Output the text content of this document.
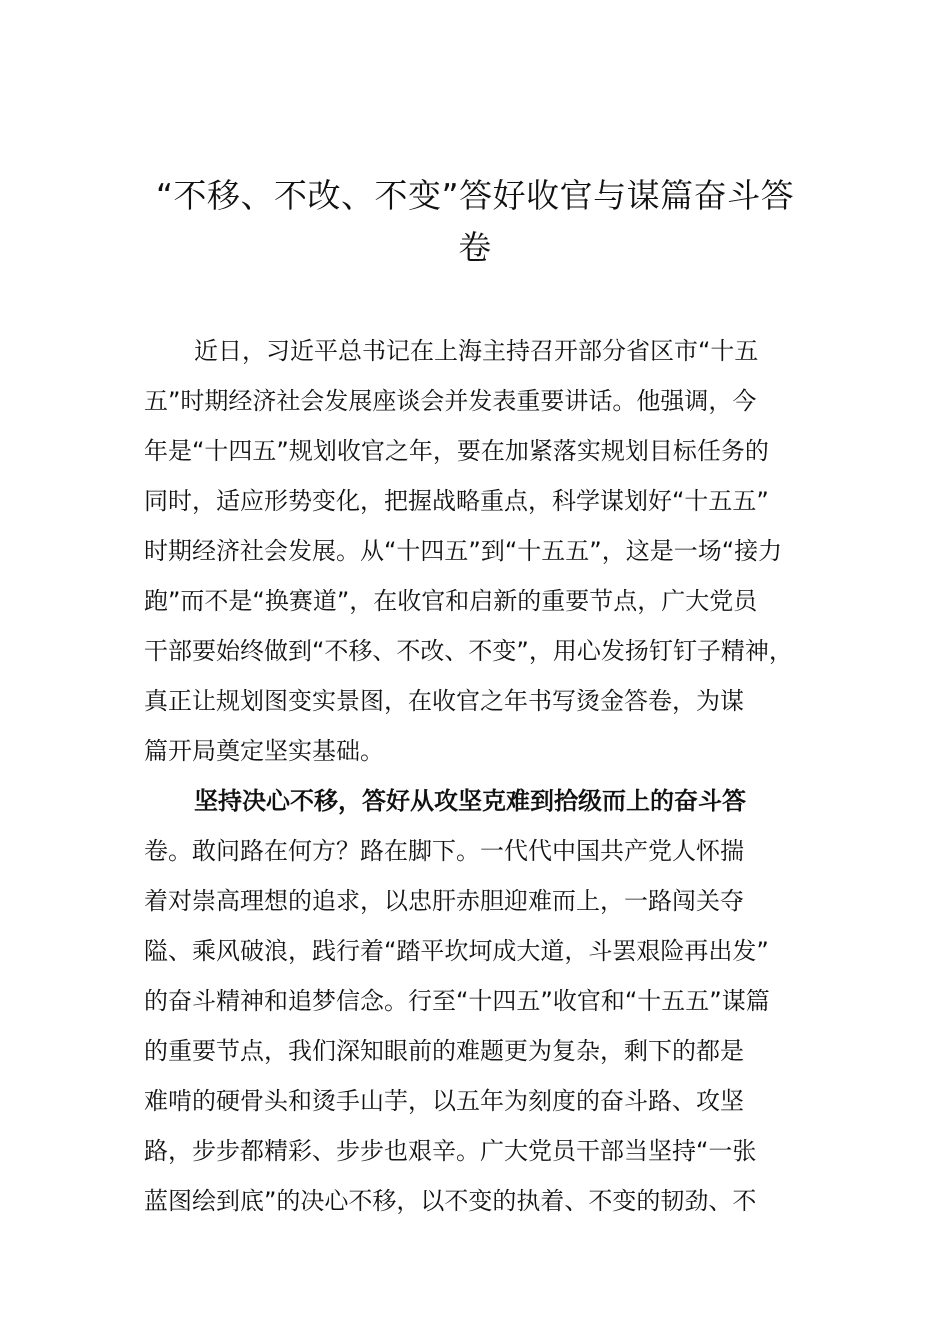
“不移、不改、不变”答好收官与谋篇奋斗答
卷
近日，习近平总书记在上海主持召开部分省区市“十五
五”时期经济社会发展座谈会并发表重要讲话。他强调，今
年是“十四五”规划收官之年，要在加紧落实规划目标任务的
同时，适应形势变化，把握战略重点，科学谋划好“十五五”
时期经济社会发展。从“十四五”到“十五五”，这是一场“接力
跑”而不是“换赛道”，在收官和启新的重要节点，广大党员
干部要始终做到“不移、不改、不变”，用心发扬钉钉子精神，
真正让规划图变实景图，在收官之年书写烫金答卷，为谋
篇开局奠定坚实基础。
坚持决心不移，答好从攻坚克难到拾级而上的奋斗答
卷。敢问路在何方？路在脚下。一代代中国共产党人怀揣
着对崇高理想的追求，以忠肝赤胆迎难而上，一路闯关夺
隘、乘风破浪，践行着“踏平坎坷成大道，斗罢艰险再出发”
的奋斗精神和追梦信念。行至“十四五”收官和“十五五”谋篇
的重要节点，我们深知眼前的难题更为复杂，剩下的都是
难啃的硬骨头和烫手山芋，以五年为刻度的奋斗路、攻坚
路，步步都精彩、步步也艰辛。广大党员干部当坚持“一张
蓝图绘到底”的决心不移，以不变的执着、不变的韧劲、不
